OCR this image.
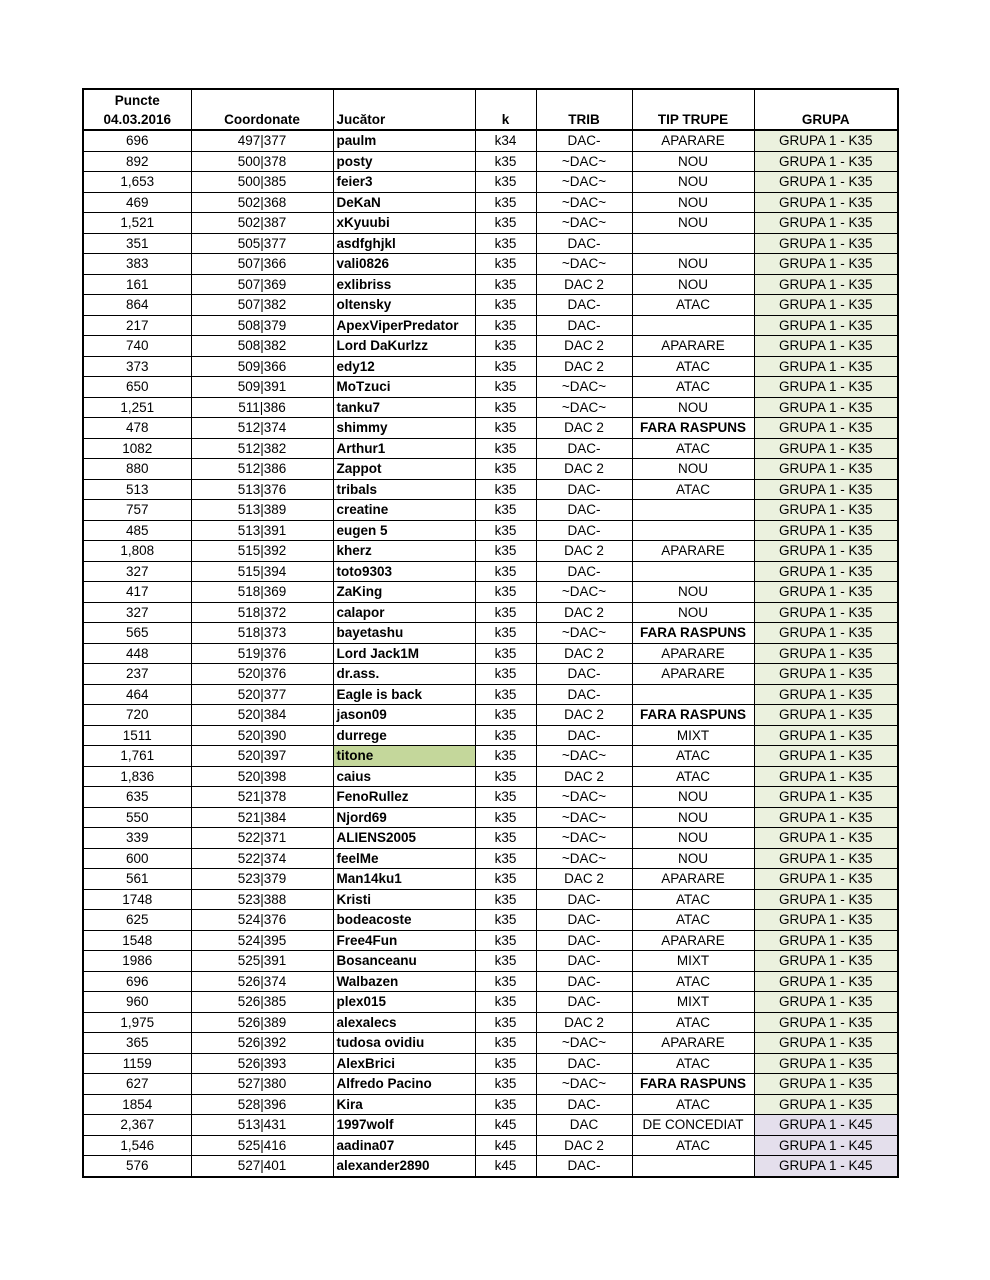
Puncte
04.03.2016	Coordonate	Jucător	k	TRIB	TIP TRUPE	GRUPA
696	497|377	paulm	k34	DAC-	APARARE	GRUPA 1 - K35
892	500|378	posty	k35	~DAC~	NOU	GRUPA 1 - K35
1,653	500|385	feier3	k35	~DAC~	NOU	GRUPA 1 - K35
469	502|368	DeKaN	k35	~DAC~	NOU	GRUPA 1 - K35
1,521	502|387	xKyuubi	k35	~DAC~	NOU	GRUPA 1 - K35
351	505|377	asdfghjkl	k35	DAC-		GRUPA 1 - K35
383	507|366	vali0826	k35	~DAC~	NOU	GRUPA 1 - K35
161	507|369	exlibriss	k35	DAC 2	NOU	GRUPA 1 - K35
864	507|382	oltensky	k35	DAC-	ATAC	GRUPA 1 - K35
217	508|379	ApexViperPredator	k35	DAC-		GRUPA 1 - K35
740	508|382	Lord DaKurlzz	k35	DAC 2	APARARE	GRUPA 1 - K35
373	509|366	edy12	k35	DAC 2	ATAC	GRUPA 1 - K35
650	509|391	MoTzuci	k35	~DAC~	ATAC	GRUPA 1 - K35
1,251	511|386	tanku7	k35	~DAC~	NOU	GRUPA 1 - K35
478	512|374	shimmy	k35	DAC 2	FARA RASPUNS	GRUPA 1 - K35
1082	512|382	Arthur1	k35	DAC-	ATAC	GRUPA 1 - K35
880	512|386	Zappot	k35	DAC 2	NOU	GRUPA 1 - K35
513	513|376	tribals	k35	DAC-	ATAC	GRUPA 1 - K35
757	513|389	creatine	k35	DAC-		GRUPA 1 - K35
485	513|391	eugen 5	k35	DAC-		GRUPA 1 - K35
1,808	515|392	kherz	k35	DAC 2	APARARE	GRUPA 1 - K35
327	515|394	toto9303	k35	DAC-		GRUPA 1 - K35
417	518|369	ZaKing	k35	~DAC~	NOU	GRUPA 1 - K35
327	518|372	calapor	k35	DAC 2	NOU	GRUPA 1 - K35
565	518|373	bayetashu	k35	~DAC~	FARA RASPUNS	GRUPA 1 - K35
448	519|376	Lord Jack1M	k35	DAC 2	APARARE	GRUPA 1 - K35
237	520|376	dr.ass.	k35	DAC-	APARARE	GRUPA 1 - K35
464	520|377	Eagle is back	k35	DAC-		GRUPA 1 - K35
720	520|384	jason09	k35	DAC 2	FARA RASPUNS	GRUPA 1 - K35
1511	520|390	durrege	k35	DAC-	MIXT	GRUPA 1 - K35
1,761	520|397	titone	k35	~DAC~	ATAC	GRUPA 1 - K35
1,836	520|398	caius	k35	DAC 2	ATAC	GRUPA 1 - K35
635	521|378	FenoRullez	k35	~DAC~	NOU	GRUPA 1 - K35
550	521|384	Njord69	k35	~DAC~	NOU	GRUPA 1 - K35
339	522|371	ALIENS2005	k35	~DAC~	NOU	GRUPA 1 - K35
600	522|374	feelMe	k35	~DAC~	NOU	GRUPA 1 - K35
561	523|379	Man14ku1	k35	DAC 2	APARARE	GRUPA 1 - K35
1748	523|388	Kristi	k35	DAC-	ATAC	GRUPA 1 - K35
625	524|376	bodeacoste	k35	DAC-	ATAC	GRUPA 1 - K35
1548	524|395	Free4Fun	k35	DAC-	APARARE	GRUPA 1 - K35
1986	525|391	Bosanceanu	k35	DAC-	MIXT	GRUPA 1 - K35
696	526|374	Walbazen	k35	DAC-	ATAC	GRUPA 1 - K35
960	526|385	plex015	k35	DAC-	MIXT	GRUPA 1 - K35
1,975	526|389	alexalecs	k35	DAC 2	ATAC	GRUPA 1 - K35
365	526|392	tudosa ovidiu	k35	~DAC~	APARARE	GRUPA 1 - K35
1159	526|393	AlexBrici	k35	DAC-	ATAC	GRUPA 1 - K35
627	527|380	Alfredo Pacino	k35	~DAC~	FARA RASPUNS	GRUPA 1 - K35
1854	528|396	Kira	k35	DAC-	ATAC	GRUPA 1 - K35
2,367	513|431	1997wolf	k45	DAC	DE CONCEDIAT	GRUPA 1 - K45
1,546	525|416	aadina07	k45	DAC 2	ATAC	GRUPA 1 - K45
576	527|401	alexander2890	k45	DAC-		GRUPA 1 - K45
